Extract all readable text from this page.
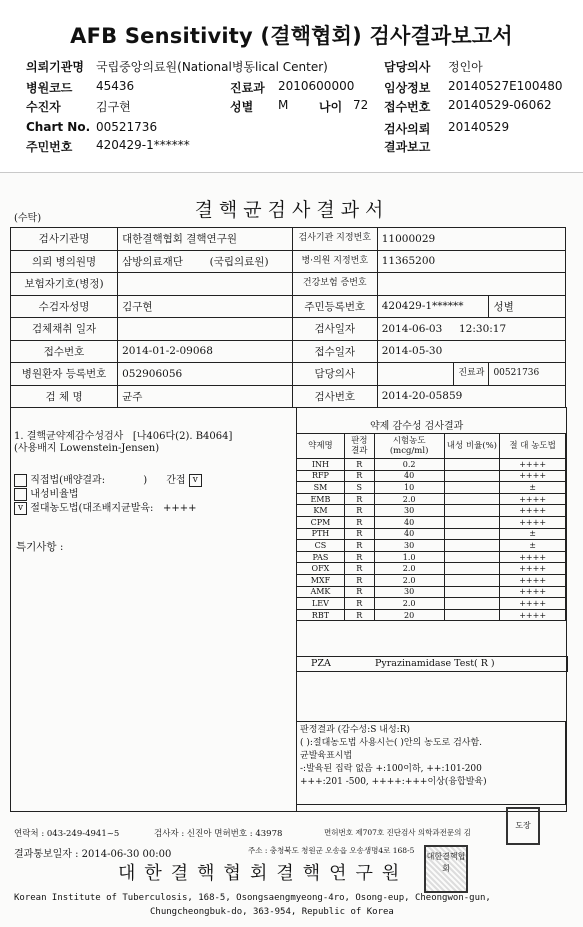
AFB Sensitivity (결핵협회) 검사결과보고서
의뢰기관명 국립중앙의료원(National병동lical Center)	담당의사 정인아
병원코드 45436	진료과 2010600000 임상정보 20140527E100480
수진자	김구현	성별 M	나이 72 접수번호 20140529-06062
Chart No. 00521736	검사의뢰 20140529
주민번호 420429-1******	결과보고
(수탁)	결핵균검사결과서
검사기관명	대한결핵협회 결핵연구원	검사기관 지정번호	11000029		
의뢰 병의원명	삼방의료재단 (국립의료원)	병·의원 지정번호	11365200		
보험자기호(병정)		건강보험 증번호			
수검자성명	김구현	주민등록번호	420429-1******		성별
검체채취 일자		검사일자	2014-06-03 12:30:17		
접수번호	2014-01-2-09068	접수일자	2014-05-30		
병원환자 등록번호	052906056	담당의사		진료과	00521736
검 체 명	균주	검사번호	2014-20-05859		
1. 결핵균약제감수성검사 [나406다(2). B4064]
(사용배지 Lowenstein-Jensen)
직접법(배양결과:	) 간접 v
내성비율법
v 절대농도법(대조배지균발육: ++++
특기사항 :
약제 감수성 검사결과
약제명	판정 결과	시험농도 (mcg/ml)	내성 비율(%)	절 대 농도법
INH	R	0.2		++++
RFP	R	40		++++
SM	S	10		±
EMB	R	2.0		++++
KM	R	30		++++
CPM	R	40		++++
PTH	R	40		±
CS	R	30		±
PAS	R	1.0		++++
OFX	R	2.0		++++
MXF	R	2.0		++++
AMK	R	30		++++
LEV	R	2.0		++++
RBT	R	20		++++
PZA	Pyrazinamidase Test( R )
판정결과 (감수성:S 내성:R)
( ):절대농도법 사용시는( )안의 농도로 검사함.
균발육표시법
-:발육된 집락 없음 +:100이하, ++:101-200
+++:201 -500, ++++:+++이상(융합발육)
연락처 : 043-249-4941~5	검사자 : 신진아 면허번호 : 43978	면허번호 제707호 진단검사 의학과전문의 김
결과통보일자 : 2014-06-30 00:00	주소 : 충청북도 청원군 오송읍 오송생명4로 168-5
대한결핵협회결핵연구원
Korean Institute of Tuberculosis, 168-5, Osongsaengmyeong-4ro, Osong-eup, Cheongwon-gun,
Chungcheongbuk-do, 363-954, Republic of Korea
도장
대한결핵협회
